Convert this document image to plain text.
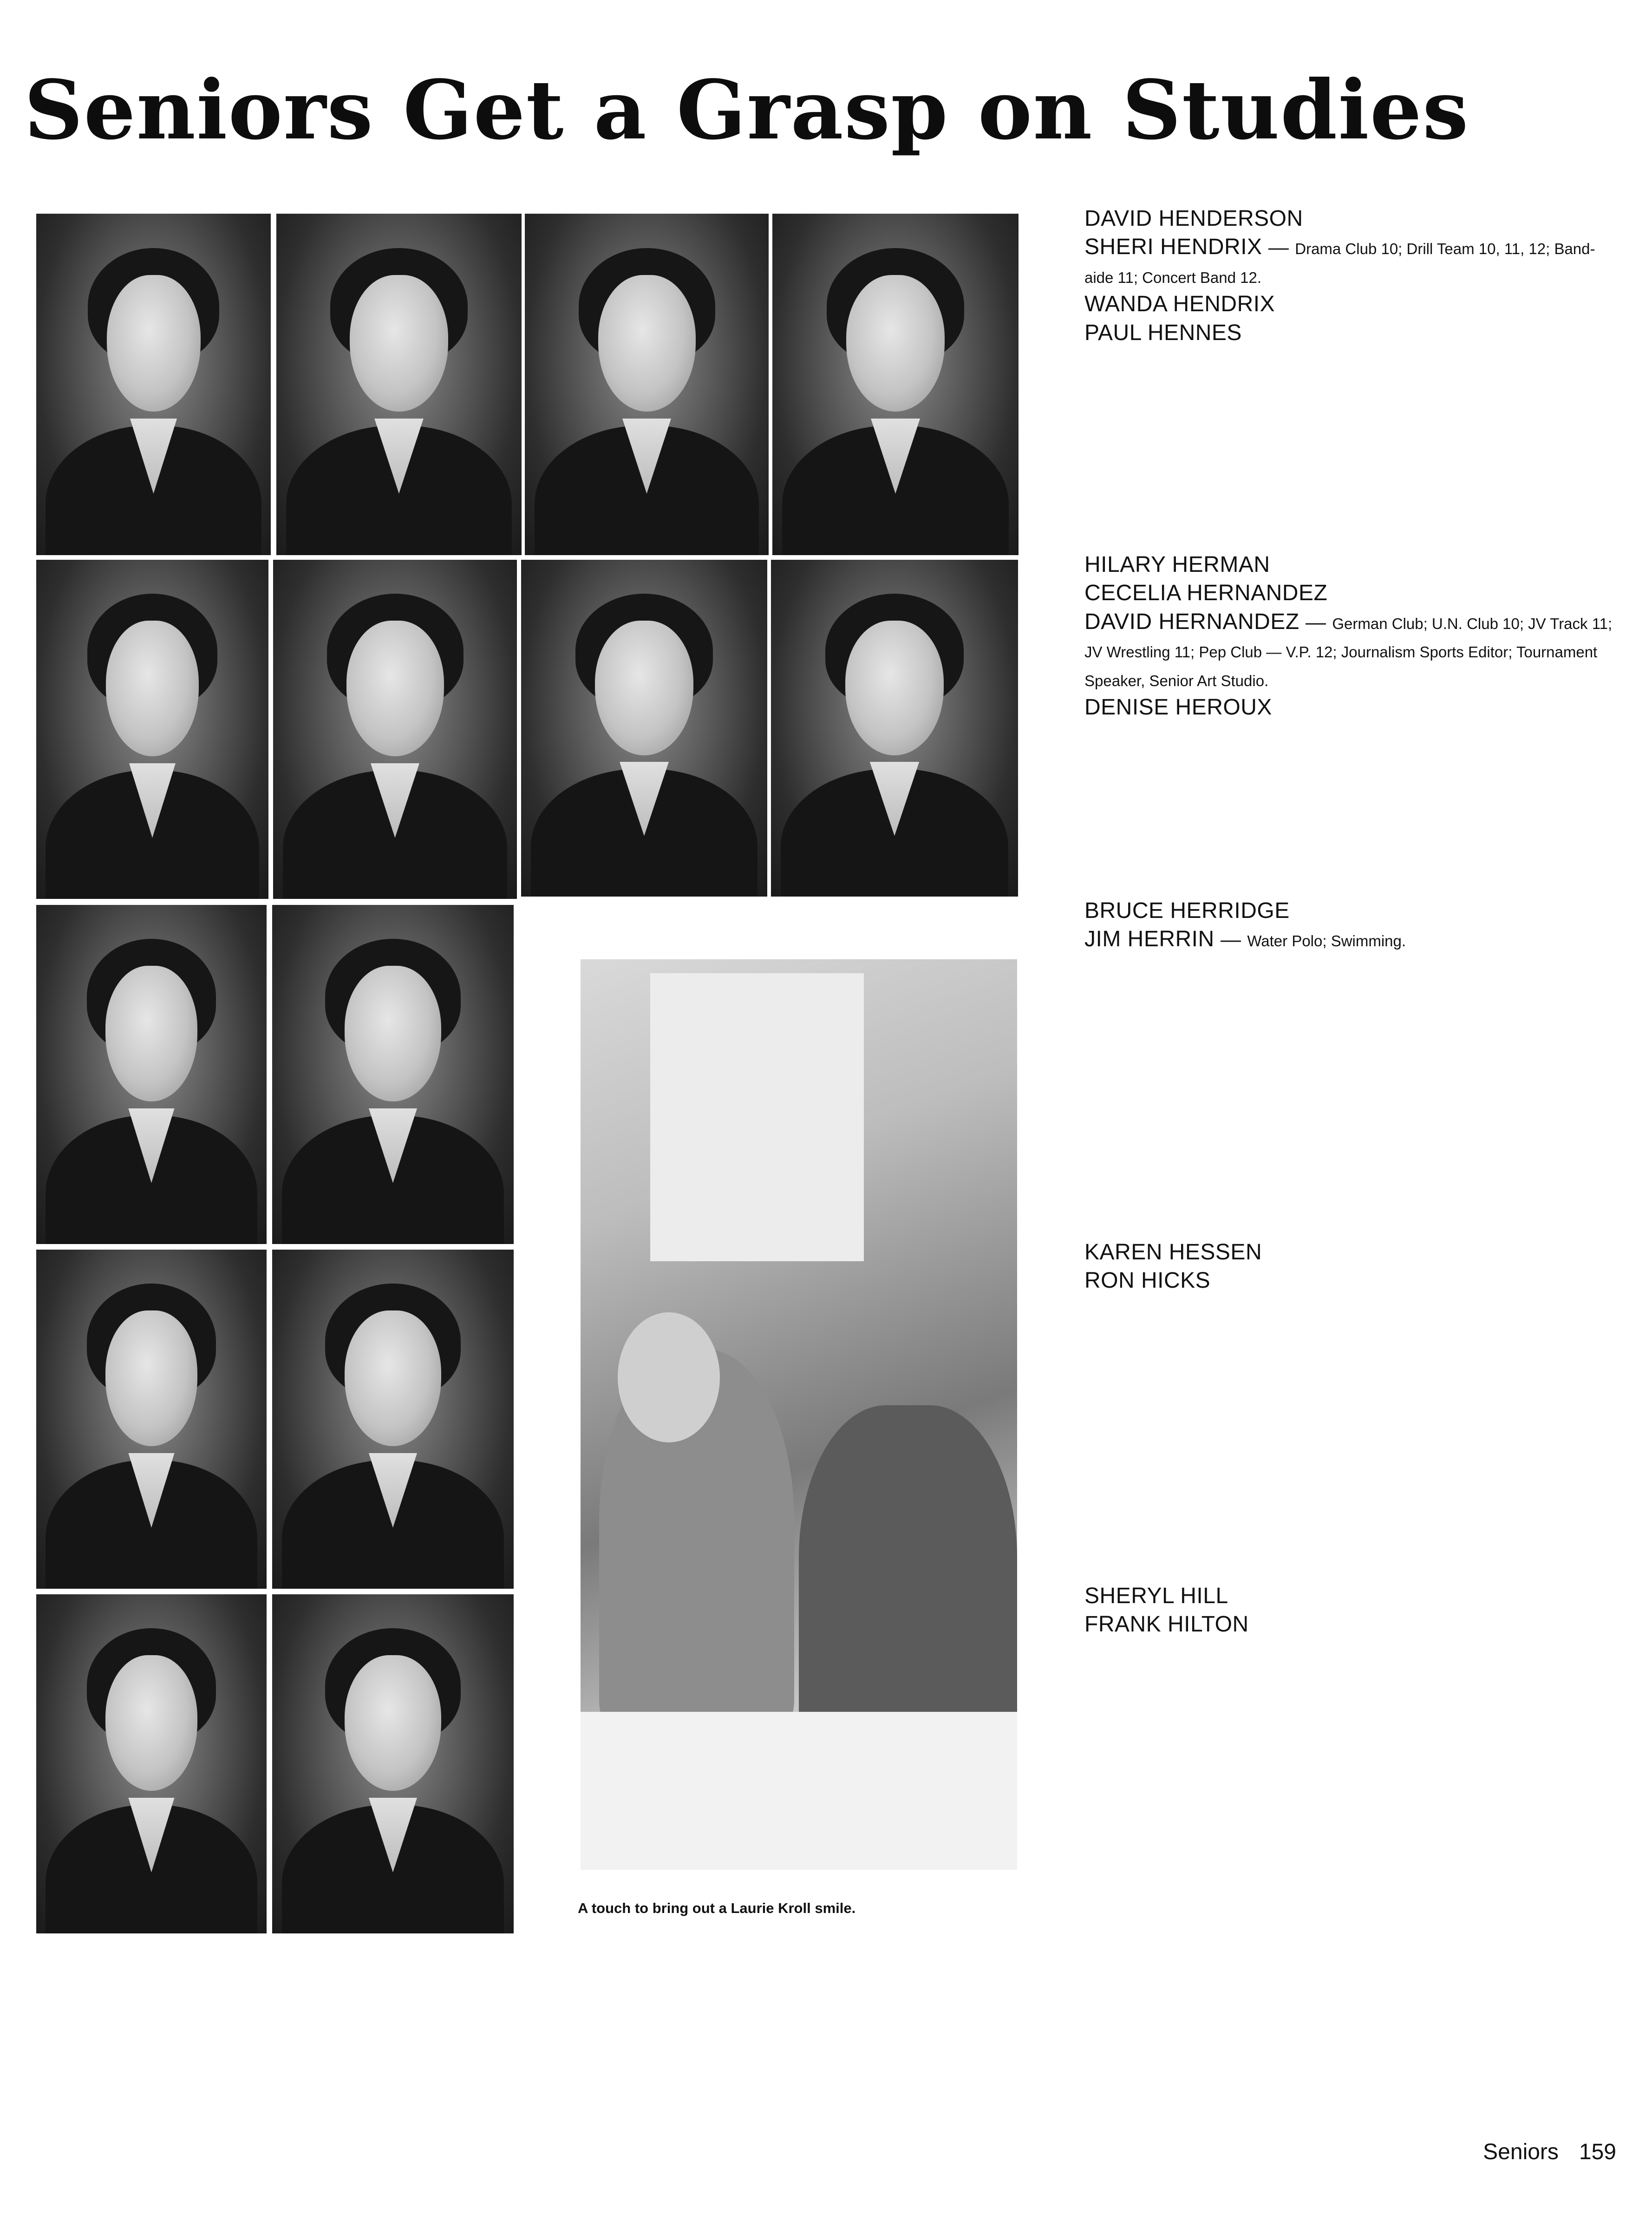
Seniors Get a Grasp on Studies
A touch to bring out a Laurie Kroll smile.

DAVID HENDERSON

SHERI HENDRIX — Drama Club 10; Drill Team 10, 11, 12; Band-aide 11; Concert Band 12.

WANDA HENDRIX

PAUL HENNES

HILARY HERMAN

CECELIA HERNANDEZ

DAVID HERNANDEZ — German Club; U.N. Club 10; JV Track 11; JV Wrestling 11; Pep Club — V.P. 12; Journalism Sports Editor; Tournament Speaker, Senior Art Studio.

DENISE HEROUX

BRUCE HERRIDGE

JIM HERRIN — Water Polo; Swimming.

KAREN HESSEN

RON HICKS

SHERYL HILL

FRANK HILTON

Seniors 159
